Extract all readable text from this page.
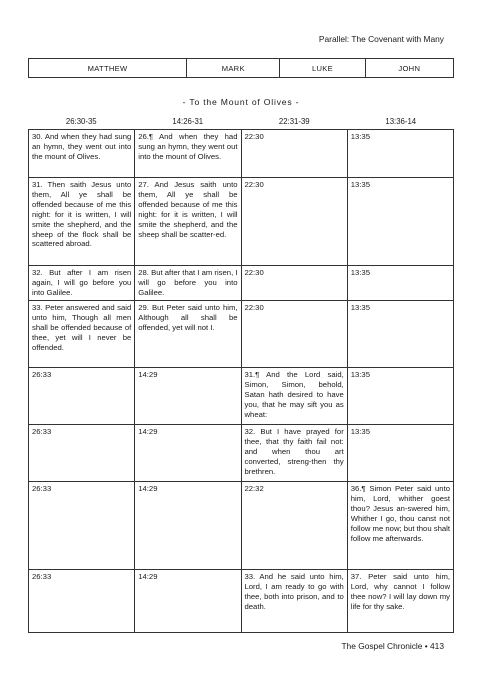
Parallel: The Covenant with Many
MATTHEW	MARK	LUKE	JOHN
- To the Mount of Olives -
26:30-35	14:26-31	22:31-39	13:36-14
30. And when they had sung an hymn, they went out into the mount of Olives.	26.¶ And when they had sung an hymn, they went out into the mount of Olives.	22:30	13:35
31. Then saith Jesus unto them, All ye shall be offended because of me this night: for it is written, I will smite the shepherd, and the sheep of the flock shall be scattered abroad.	27. And Jesus saith unto them, All ye shall be offended because of me this night: for it is written, I will smite the shepherd, and the sheep shall be scatter-ed.	22:30	13:35
32. But after I am risen again, I will go before you into Galilee.	28. But after that I am risen, I will go before you into Galilee.	22:30	13:35
33. Peter answered and said unto him, Though all men shall be offended because of thee, yet will I never be offended.	29. But Peter said unto him, Although all shall be offended, yet will not I.	22:30	13:35
26:33	14:29	31.¶ And the Lord said, Simon, Simon, behold, Satan hath desired to have you, that he may sift you as wheat:	13:35
26:33	14:29	32. But I have prayed for thee, that thy faith fail not: and when thou art converted, streng-then thy brethren.	13:35
26:33	14:29	22:32	36.¶ Simon Peter said unto him, Lord, whither goest thou? Jesus an-swered him, Whither I go, thou canst not follow me now; but thou shalt follow me afterwards.
26:33	14:29	33. And he said unto him, Lord, I am ready to go with thee, both into prison, and to death.	37. Peter said unto him, Lord, why cannot I follow thee now? I will lay down my life for thy sake.
The Gospel Chronicle • 413
